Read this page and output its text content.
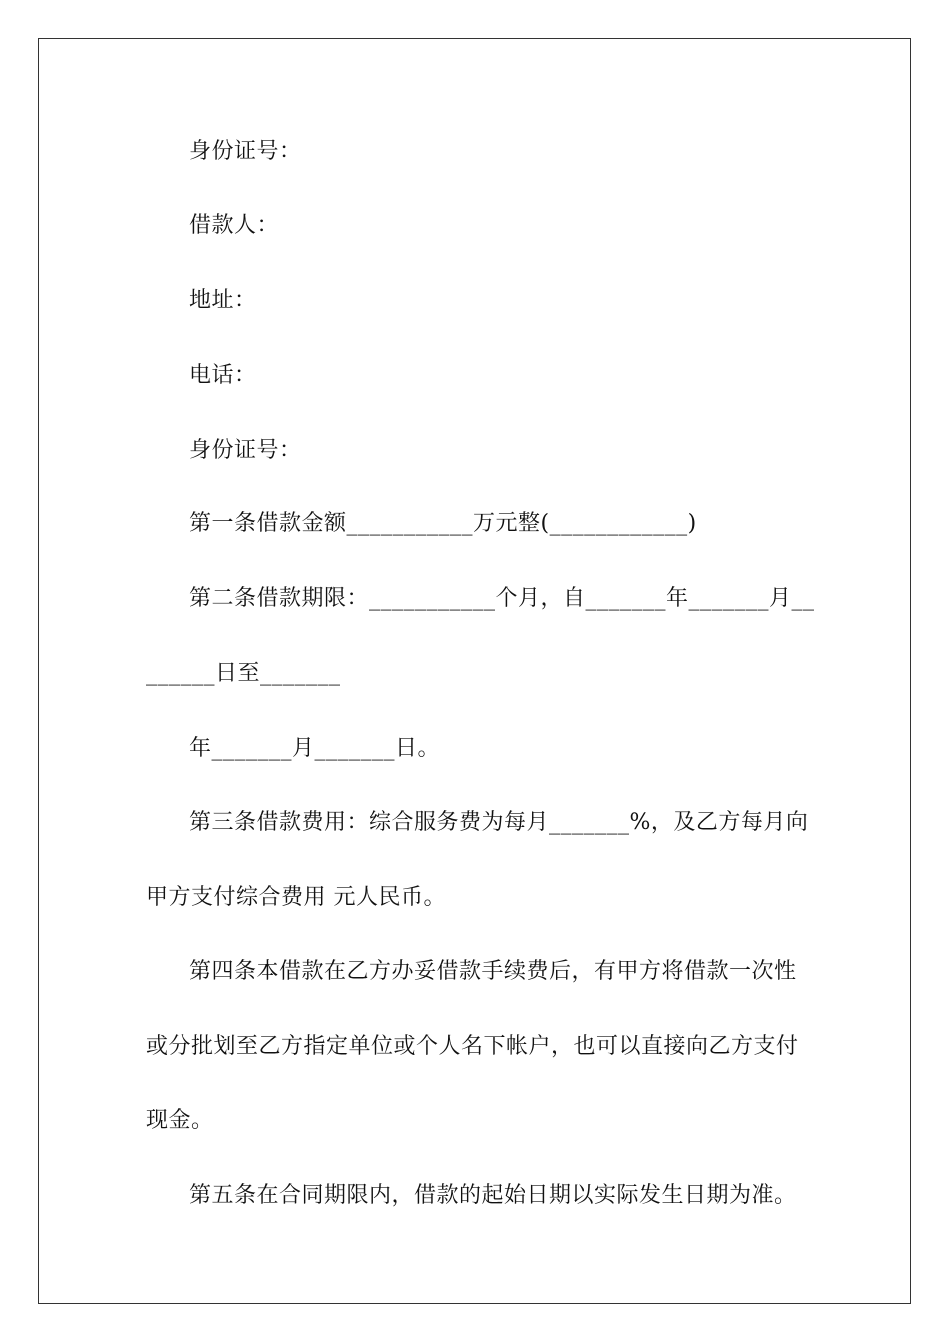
身份证号：
借款人：
地址：
电话：
身份证号：
第一条借款金额___________万元整(____________)
第二条借款期限：___________个月，自_______年_______月__
______日至_______
年_______月_______日。
第三条借款费用：综合服务费为每月_______%，及乙方每月向
甲方支付综合费用 元人民币。
第四条本借款在乙方办妥借款手续费后，有甲方将借款一次性
或分批划至乙方指定单位或个人名下帐户，也可以直接向乙方支付
现金。
第五条在合同期限内，借款的起始日期以实际发生日期为准。
